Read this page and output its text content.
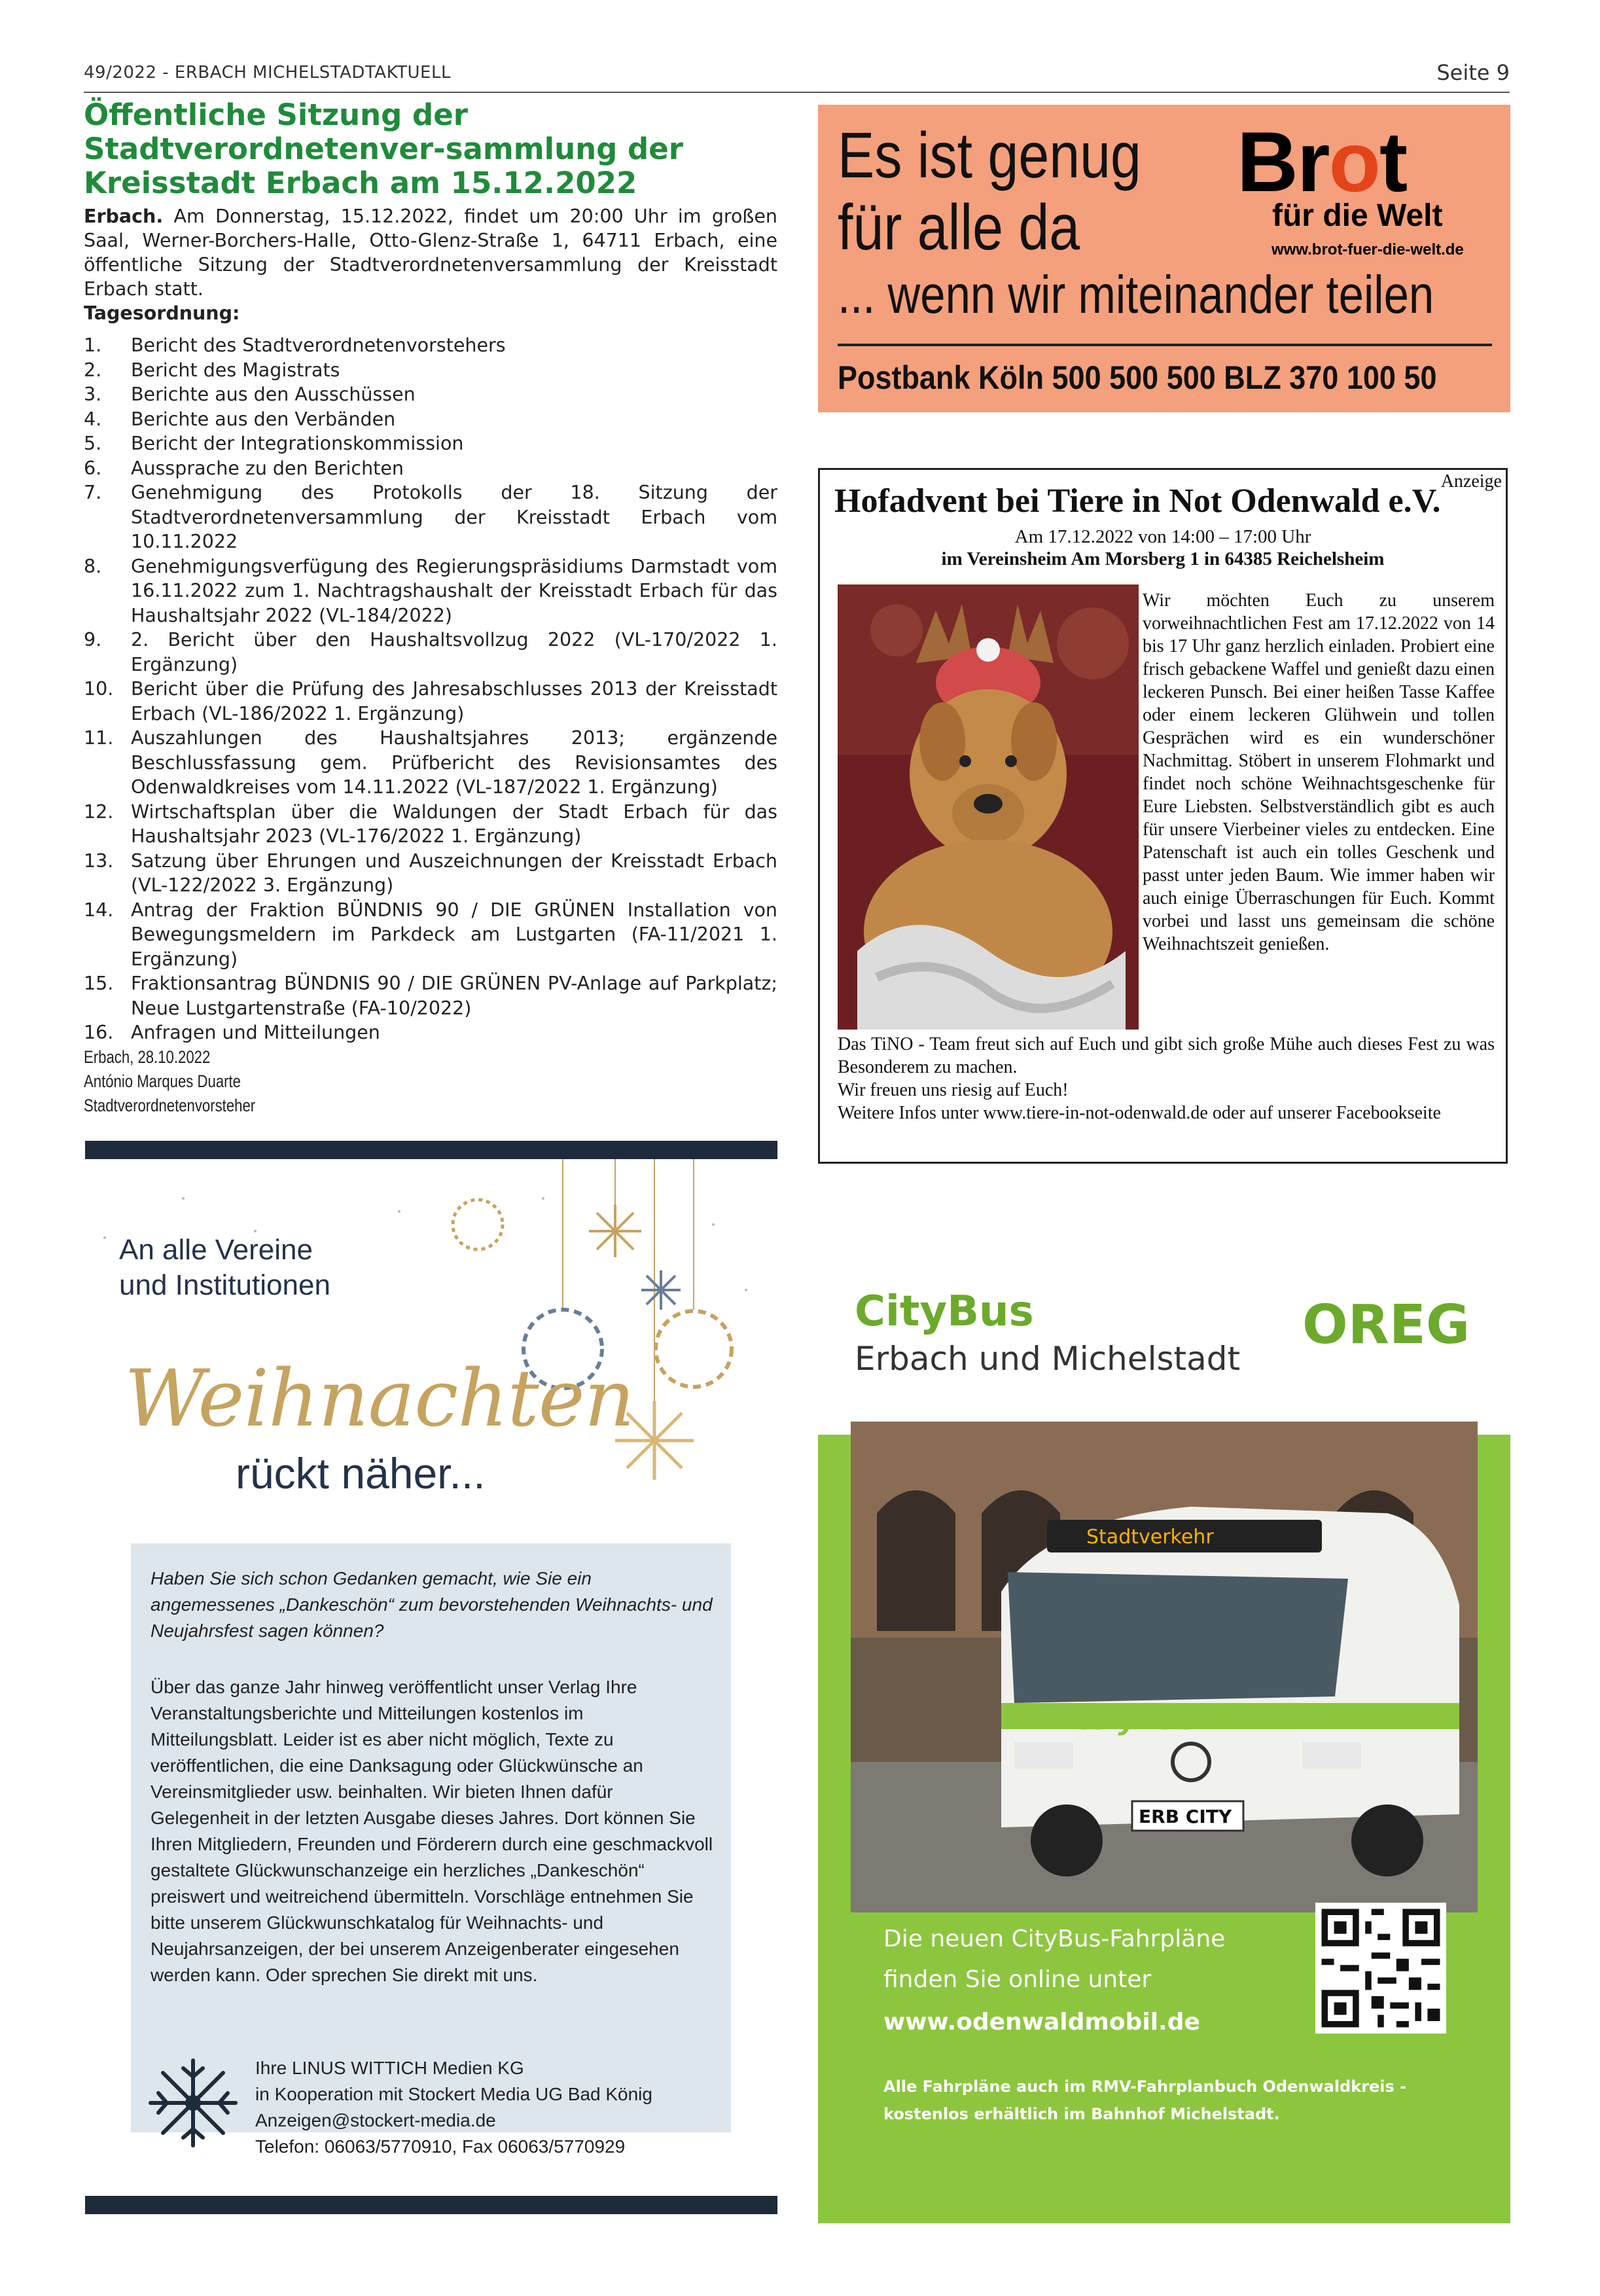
49/2022 - ERBACH MICHELSTADTAKTUELL	Seite 9
Öffentliche Sitzung der Stadtverordnetenver-sammlung der Kreisstadt Erbach am 15.12.2022

Erbach. Am Donnerstag, 15.12.2022, findet um 20:00 Uhr im großen Saal, Werner-Borchers-Halle, Otto-Glenz-Straße 1, 64711 Erbach, eine öffentliche Sitzung der Stadtverordnetenversammlung der Kreisstadt Erbach statt.

Tagesordnung:
1.	Bericht des Stadtverordnetenvorstehers
2.	Bericht des Magistrats
3.	Berichte aus den Ausschüssen
4.	Berichte aus den Verbänden
5.	Bericht der Integrationskommission
6.	Aussprache zu den Berichten
7.	Genehmigung des Protokolls der 18. Sitzung der Stadtverordnetenversammlung der Kreisstadt Erbach vom 10.11.2022
8.	Genehmigungsverfügung des Regierungspräsidiums Darmstadt vom 16.11.2022 zum 1. Nachtragshaushalt der Kreisstadt Erbach für das Haushaltsjahr 2022 (VL-184/2022)
9.	2. Bericht über den Haushaltsvollzug 2022 (VL-170/2022 1. Ergänzung)
10. Bericht über die Prüfung des Jahresabschlusses 2013 der Kreisstadt Erbach (VL-186/2022 1. Ergänzung)
11. Auszahlungen des Haushaltsjahres 2013; ergänzende Beschlussfassung gem. Prüfbericht des Revisionsamtes des Odenwaldkreises vom 14.11.2022 (VL-187/2022 1. Ergänzung)
12. Wirtschaftsplan über die Waldungen der Stadt Erbach für das Haushaltsjahr 2023 (VL-176/2022 1. Ergänzung)
13. Satzung über Ehrungen und Auszeichnungen der Kreisstadt Erbach (VL-122/2022 3. Ergänzung)
14. Antrag der Fraktion BÜNDNIS 90 / DIE GRÜNEN Installation von Bewegungsmeldern im Parkdeck am Lustgarten (FA-11/2021 1. Ergänzung)
15. Fraktionsantrag BÜNDNIS 90 / DIE GRÜNEN PV-Anlage auf Parkplatz; Neue Lustgartenstraße (FA-10/2022)
16. Anfragen und Mitteilungen
Erbach, 28.10.2022
António Marques Duarte
Stadtverordnetenvorsteher
Es ist genug
für alle da
Brot
für die Welt
www.brot-fuer-die-welt.de
... wenn wir miteinander teilen
Postbank Köln 500 500 500 BLZ 370 100 50
Anzeige
Hofadvent bei Tiere in Not Odenwald e.V.
Am 17.12.2022 von 14:00 – 17:00 Uhr
im Vereinsheim Am Morsberg 1 in 64385 Reichelsheim
Wir möchten Euch zu unserem vorweihnachtlichen Fest am 17.12.2022 von 14 bis 17 Uhr ganz herzlich einladen. Probiert eine frisch gebackene Waffel und genießt dazu einen leckeren Punsch. Bei einer heißen Tasse Kaffee oder einem leckeren Glühwein und tollen Gesprächen wird es ein wunderschöner Nachmittag. Stöbert in unserem Flohmarkt und findet noch schöne Weihnachtsgeschenke für Eure Liebsten. Selbstverständlich gibt es auch für unsere Vierbeiner vieles zu entdecken. Eine Patenschaft ist auch ein tolles Geschenk und passt unter jeden Baum. Wie immer haben wir auch einige Überraschungen für Euch. Kommt vorbei und lasst uns gemeinsam die schöne Weihnachtszeit genießen.
Das TiNO - Team freut sich auf Euch und gibt sich große Mühe auch dieses Fest zu was Besonderem zu machen.
Wir freuen uns riesig auf Euch!
Weitere Infos unter www.tiere-in-not-odenwald.de oder auf unserer Facebookseite
An alle Vereine
und Institutionen
Weihnachten
rückt näher...
Haben Sie sich schon Gedanken gemacht, wie Sie ein angemessenes „Dankeschön“ zum bevorstehenden Weihnachts- und Neujahrsfest sagen können?
Über das ganze Jahr hinweg veröffentlicht unser Verlag Ihre Veranstaltungsberichte und Mitteilungen kostenlos im Mitteilungsblatt. Leider ist es aber nicht möglich, Texte zu veröffentlichen, die eine Danksagung oder Glückwünsche an Vereinsmitglieder usw. beinhalten. Wir bieten Ihnen dafür Gelegenheit in der letzten Ausgabe dieses Jahres. Dort können Sie Ihren Mitgliedern, Freunden und Förderern durch eine geschmackvoll gestaltete Glückwunschanzeige ein herzliches „Dankeschön“ preiswert und weitreichend übermitteln. Vorschläge entnehmen Sie bitte unserem Glückwunschkatalog für Weihnachts- und Neujahrsanzeigen, der bei unserem Anzeigenberater eingesehen werden kann. Oder sprechen Sie direkt mit uns.
Ihre LINUS WITTICH Medien KG
in Kooperation mit Stockert Media UG Bad König
Anzeigen@stockert-media.de
Telefon: 06063/5770910, Fax 06063/5770929
CityBus
Erbach und Michelstadt
OREG
Stadtverkehr
CityBus
ERB CITY
Die neuen CityBus-Fahrpläne
finden Sie online unter
www.odenwaldmobil.de
Alle Fahrpläne auch im RMV-Fahrplanbuch Odenwaldkreis - kostenlos erhältlich im Bahnhof Michelstadt.
